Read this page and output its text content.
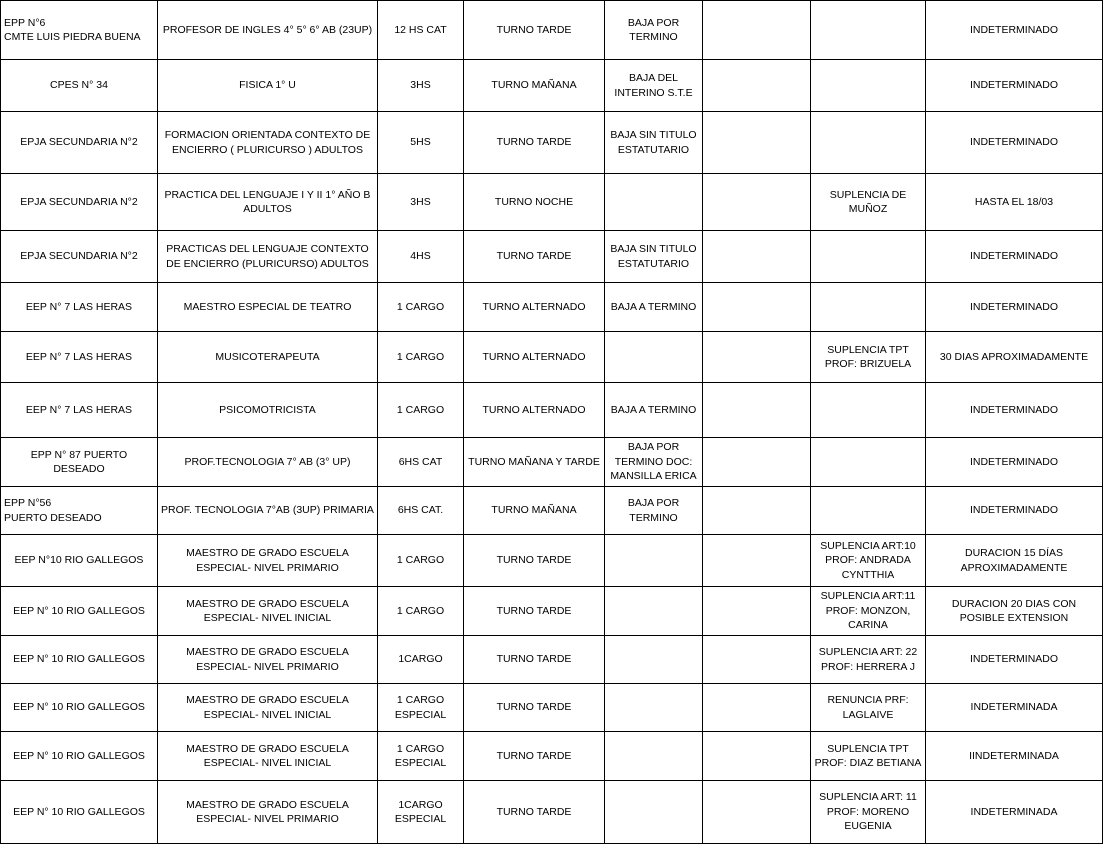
EPP N°6
CMTE LUIS PIEDRA BUENA	PROFESOR DE INGLES 4° 5° 6° AB (23UP)	12 HS CAT	TURNO TARDE	BAJA POR TERMINO			INDETERMINADO
CPES N° 34	FISICA 1° U	3HS	TURNO MAÑANA	BAJA DEL INTERINO S.T.E			INDETERMINADO
EPJA SECUNDARIA N°2	FORMACION ORIENTADA CONTEXTO DE ENCIERRO ( PLURICURSO ) ADULTOS	5HS	TURNO TARDE	BAJA SIN TITULO ESTATUTARIO			INDETERMINADO
EPJA SECUNDARIA N°2	PRACTICA DEL LENGUAJE I Y II 1° AÑO B ADULTOS	3HS	TURNO NOCHE			SUPLENCIA DE MUÑOZ	HASTA EL 18/03
EPJA SECUNDARIA N°2	PRACTICAS DEL LENGUAJE CONTEXTO DE ENCIERRO (PLURICURSO) ADULTOS	4HS	TURNO TARDE	BAJA SIN TITULO ESTATUTARIO			INDETERMINADO
EEP N° 7 LAS HERAS	MAESTRO ESPECIAL DE TEATRO	1 CARGO	TURNO ALTERNADO	BAJA A TERMINO			INDETERMINADO
EEP N° 7 LAS HERAS	MUSICOTERAPEUTA	1 CARGO	TURNO ALTERNADO			SUPLENCIA TPT PROF: BRIZUELA	30 DIAS APROXIMADAMENTE
EEP N° 7 LAS HERAS	PSICOMOTRICISTA	1 CARGO	TURNO ALTERNADO	BAJA A TERMINO			INDETERMINADO
EPP N° 87 PUERTO DESEADO	PROF.TECNOLOGIA 7° AB (3° UP)	6HS CAT	TURNO MAÑANA Y TARDE	BAJA POR TERMINO DOC: MANSILLA ERICA			INDETERMINADO
EPP N°56
PUERTO DESEADO	PROF. TECNOLOGIA 7°AB (3UP) PRIMARIA	6HS CAT.	TURNO MAÑANA	BAJA POR TERMINO			INDETERMINADO
EEP N°10 RIO GALLEGOS	MAESTRO DE GRADO ESCUELA ESPECIAL- NIVEL PRIMARIO	1 CARGO	TURNO TARDE			SUPLENCIA ART:10 PROF: ANDRADA CYNTTHIA	DURACION 15 DÍAS APROXIMADAMENTE
EEP N° 10 RIO GALLEGOS	MAESTRO DE GRADO ESCUELA ESPECIAL- NIVEL INICIAL	1 CARGO	TURNO TARDE			SUPLENCIA ART:11 PROF: MONZON, CARINA	DURACION 20 DIAS CON POSIBLE EXTENSION
EEP N° 10 RIO GALLEGOS	MAESTRO DE GRADO ESCUELA ESPECIAL- NIVEL PRIMARIO	1CARGO	TURNO TARDE			SUPLENCIA ART: 22 PROF: HERRERA J	INDETERMINADO
EEP N° 10 RIO GALLEGOS	MAESTRO DE GRADO ESCUELA ESPECIAL- NIVEL INICIAL	1 CARGO ESPECIAL	TURNO TARDE			RENUNCIA PRF: LAGLAIVE	INDETERMINADA
EEP N° 10 RIO GALLEGOS	MAESTRO DE GRADO ESCUELA ESPECIAL- NIVEL INICIAL	1 CARGO ESPECIAL	TURNO TARDE			SUPLENCIA TPT PROF: DIAZ BETIANA	IINDETERMINADA
EEP N° 10 RIO GALLEGOS	MAESTRO DE GRADO ESCUELA ESPECIAL- NIVEL PRIMARIO	1CARGO ESPECIAL	TURNO TARDE			SUPLENCIA ART: 11 PROF: MORENO EUGENIA	INDETERMINADA
